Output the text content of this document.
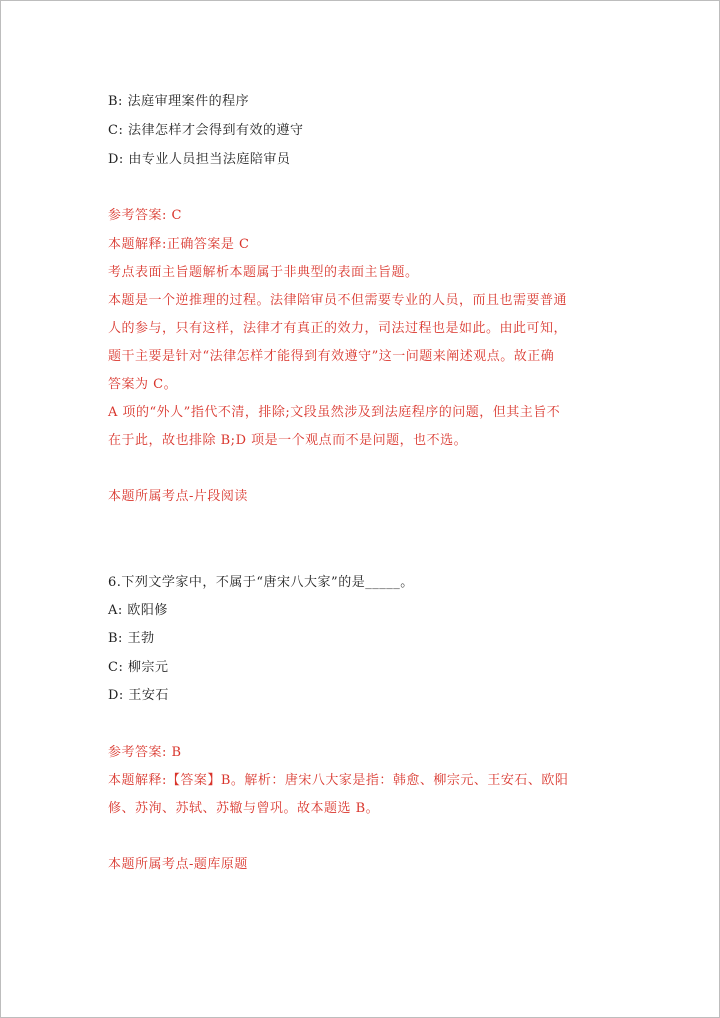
B: 法庭审理案件的程序
C: 法律怎样才会得到有效的遵守
D: 由专业人员担当法庭陪审员
参考答案: C
本题解释:正确答案是 C
考点表面主旨题解析本题属于非典型的表面主旨题。
本题是一个逆推理的过程。法律陪审员不但需要专业的人员，而且也需要普通
人的参与，只有这样，法律才有真正的效力，司法过程也是如此。由此可知，
题干主要是针对“法律怎样才能得到有效遵守”这一问题来阐述观点。故正确
答案为 C。
A 项的“外人”指代不清，排除;文段虽然涉及到法庭程序的问题，但其主旨不
在于此，故也排除 B;D 项是一个观点而不是问题，也不选。
本题所属考点-片段阅读
6.下列文学家中，不属于“唐宋八大家”的是_____。
A: 欧阳修
B: 王勃
C: 柳宗元
D: 王安石
参考答案: B
本题解释:【答案】B。解析：唐宋八大家是指：韩愈、柳宗元、王安石、欧阳
修、苏洵、苏轼、苏辙与曾巩。故本题选 B。
本题所属考点-题库原题
